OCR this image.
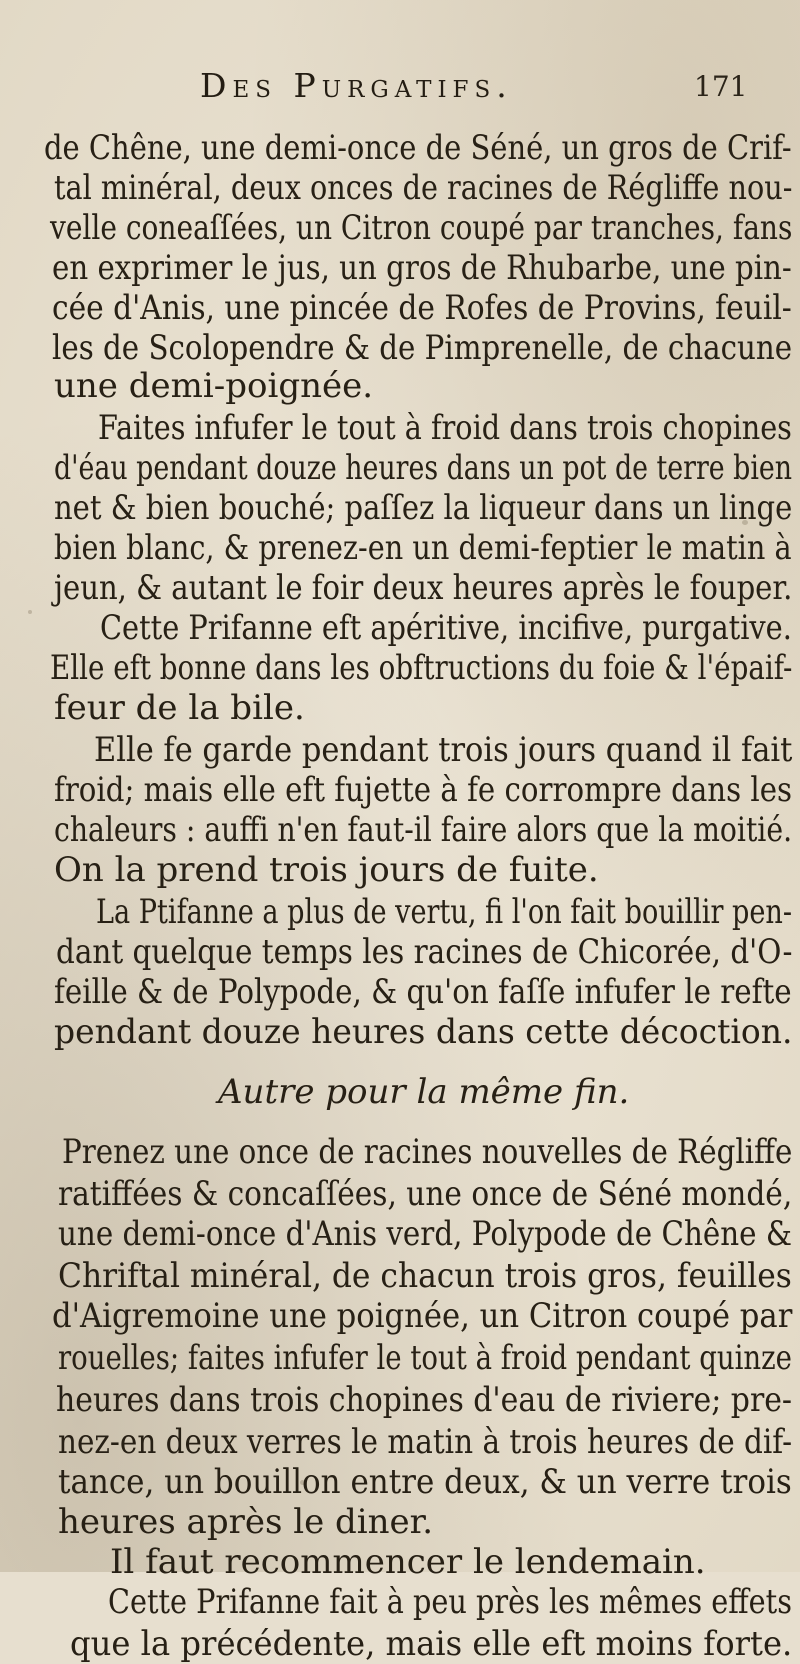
Des Purgatifs.	171
de Chêne, une demi-once de Séné, un gros de Crif-
tal minéral, deux onces de racines de Régliffe nou-
velle coneaſſées, un Citron coupé par tranches, fans
en exprimer le jus, un gros de Rhubarbe, une pin-
cée d'Anis, une pincée de Rofes de Provins, feuil-
les de Scolopendre & de Pimprenelle, de chacune
une demi-poignée.
Faites infufer le tout à froid dans trois chopines
d'éau pendant douze heures dans un pot de terre bien
net & bien bouché; paſſez la liqueur dans un linge
bien blanc, & prenez-en un demi-feptier le matin à
jeun, & autant le foir deux heures après le fouper.
Cette Prifanne eft apéritive, incifive, purgative.
Elle eft bonne dans les obftructions du foie & l'épaif-
feur de la bile.
Elle fe garde pendant trois jours quand il fait
froid; mais elle eft fujette à fe corrompre dans les
chaleurs : auffi n'en faut-il faire alors que la moitié.
On la prend trois jours de fuite.
La Ptifanne a plus de vertu, fi l'on fait bouillir pen-
dant quelque temps les racines de Chicorée, d'O-
feille & de Polypode, & qu'on faſſe infufer le refte
pendant douze heures dans cette décoction.
Autre pour la même fin.
Prenez une once de racines nouvelles de Régliffe
ratiffées & concaſſées, une once de Séné mondé,
une demi-once d'Anis verd, Polypode de Chêne &
Chriftal minéral, de chacun trois gros, feuilles
d'Aigremoine une poignée, un Citron coupé par
rouelles; faites infufer le tout à froid pendant quinze
heures dans trois chopines d'eau de riviere; pre-
nez-en deux verres le matin à trois heures de dif-
tance, un bouillon entre deux, & un verre trois
heures après le diner.
Il faut recommencer le lendemain.
Cette Prifanne fait à peu près les mêmes effets
que la précédente, mais elle eft moins forte.
